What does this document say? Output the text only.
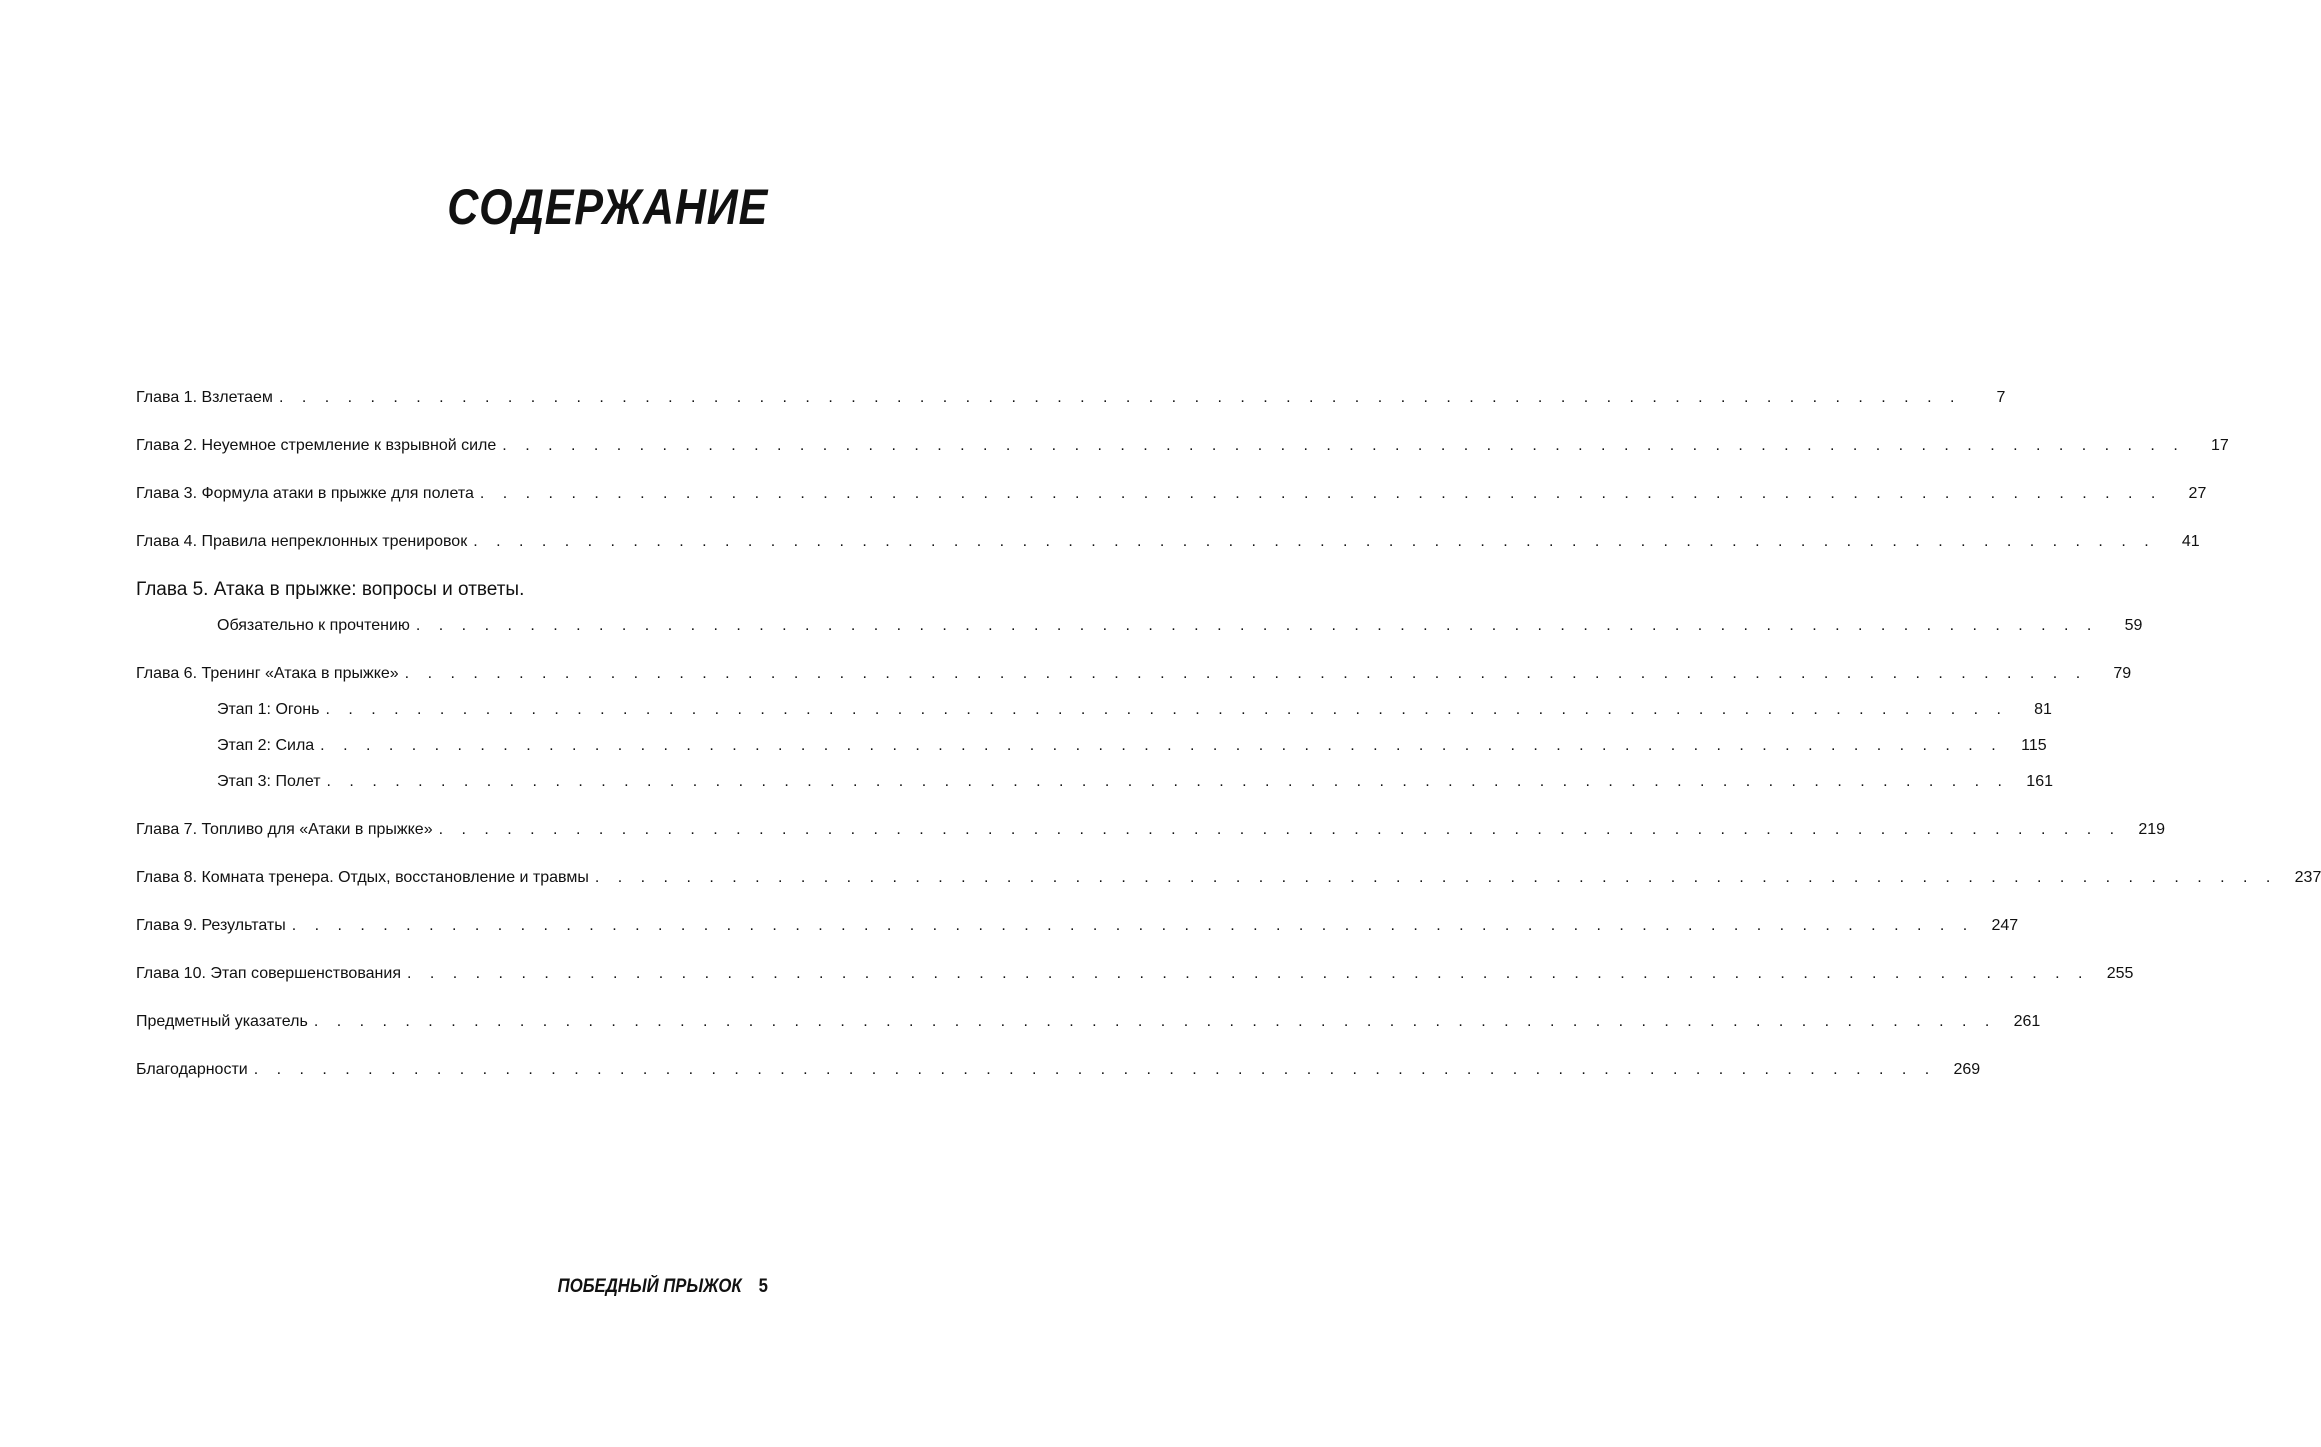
СОДЕРЖАНИЕ
Глава 1. Взлетаем . . . . . . . . . . . . . . . . . . . . . . . . . . . . . . . . . . . . . . . . . . . . . . . . . . . . . . . . . . . . . . . . . . . . . . . . . .	7
Глава 2. Неуемное стремление к взрывной силе . . . . . . . . . . . . . . . . . . . . . . . . . . . . . . . . . . . . . . . . . . . . . . . . . . . . . . . . . . . . . . . . . . . . . . . . . .	17
Глава 3. Формула атаки в прыжке для полета . . . . . . . . . . . . . . . . . . . . . . . . . . . . . . . . . . . . . . . . . . . . . . . . . . . . . . . . . . . . . . . . . . . . . . . . . .	27
Глава 4. Правила непреклонных тренировок . . . . . . . . . . . . . . . . . . . . . . . . . . . . . . . . . . . . . . . . . . . . . . . . . . . . . . . . . . . . . . . . . . . . . . . . . .	41
Глава 5. Атака в прыжке: вопросы и ответы.
Обязательно к прочтению . . . . . . . . . . . . . . . . . . . . . . . . . . . . . . . . . . . . . . . . . . . . . . . . . . . . . . . . . . . . . . . . . . . . . . . . . .	59
Глава 6. Тренинг «Атака в прыжке» . . . . . . . . . . . . . . . . . . . . . . . . . . . . . . . . . . . . . . . . . . . . . . . . . . . . . . . . . . . . . . . . . . . . . . . . . .	79
Этап 1: Огонь . . . . . . . . . . . . . . . . . . . . . . . . . . . . . . . . . . . . . . . . . . . . . . . . . . . . . . . . . . . . . . . . . . . . . . . . . .	81
Этап 2: Сила . . . . . . . . . . . . . . . . . . . . . . . . . . . . . . . . . . . . . . . . . . . . . . . . . . . . . . . . . . . . . . . . . . . . . . . . . .	115
Этап 3: Полет . . . . . . . . . . . . . . . . . . . . . . . . . . . . . . . . . . . . . . . . . . . . . . . . . . . . . . . . . . . . . . . . . . . . . . . . . .	161
Глава 7. Топливо для «Атаки в прыжке» . . . . . . . . . . . . . . . . . . . . . . . . . . . . . . . . . . . . . . . . . . . . . . . . . . . . . . . . . . . . . . . . . . . . . . . . . .	219
Глава 8. Комната тренера. Отдых, восстановление и травмы . . . . . . . . . . . . . . . . . . . . . . . . . . . . . . . . . . . . . . . . . . . . . . . . . . . . . . . . . . . . . . . . . . . . . . . . . .	237
Глава 9. Результаты . . . . . . . . . . . . . . . . . . . . . . . . . . . . . . . . . . . . . . . . . . . . . . . . . . . . . . . . . . . . . . . . . . . . . . . . . .	247
Глава 10. Этап совершенствования . . . . . . . . . . . . . . . . . . . . . . . . . . . . . . . . . . . . . . . . . . . . . . . . . . . . . . . . . . . . . . . . . . . . . . . . . .	255
Предметный указатель . . . . . . . . . . . . . . . . . . . . . . . . . . . . . . . . . . . . . . . . . . . . . . . . . . . . . . . . . . . . . . . . . . . . . . . . . .	261
Благодарности . . . . . . . . . . . . . . . . . . . . . . . . . . . . . . . . . . . . . . . . . . . . . . . . . . . . . . . . . . . . . . . . . . . . . . . . . .	269
ПОБЕДНЫЙ ПРЫЖОК 5
